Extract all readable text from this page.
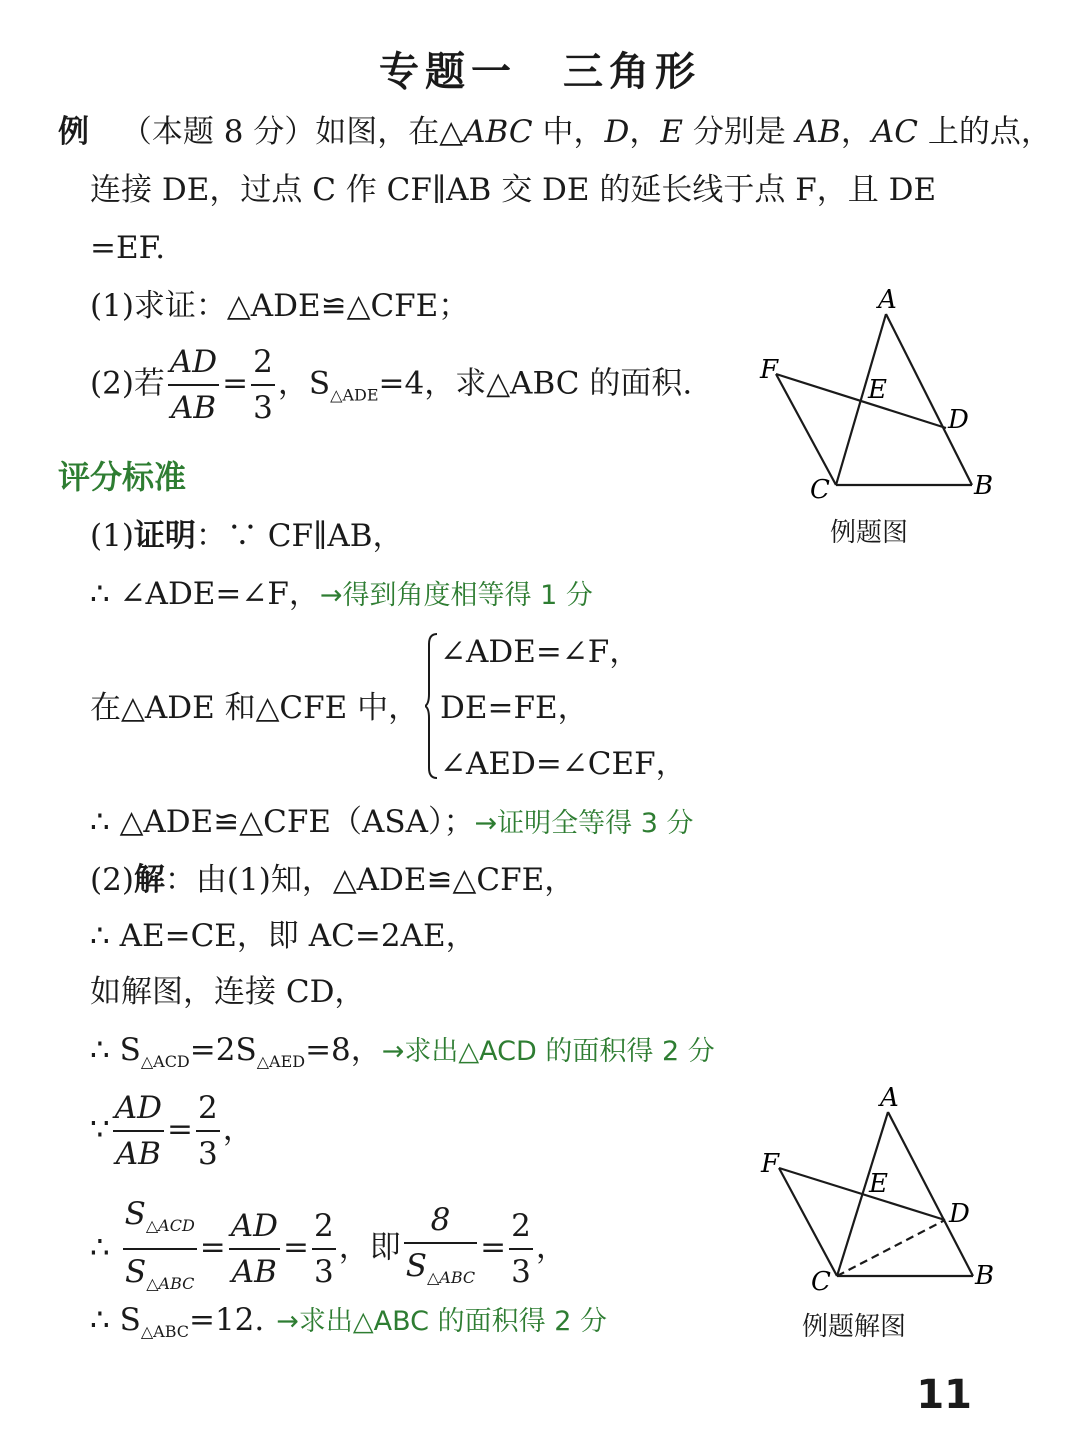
专题一　三角形
例 （本题 8 分）如图，在△ABC 中，D，E 分别是 AB，AC 上的点，
连接 DE，过点 C 作 CF∥AB 交 DE 的延长线于点 F，且 DE
=EF.
(1)求证：△ADE≌△CFE；
(2)若 $\frac{AD}{AB} = \frac{2}{3}$ ，$S_{\triangle ADE}=4$，求△ABC 的面积.
A
E
D
F
C	B
例题图
评分标准
(1)证明：∵ CF∥AB，
∴ ∠ADE=∠F，→得到角度相等得 1 分
在△ADE 和△CFE 中，
∠ADE=∠F，
DE=FE，
∠AED=∠CEF，
∴ △ADE≌△CFE（ASA）；→证明全等得 3 分
(2)解：由(1)知，△ADE≌△CFE，
∴ AE=CE，即 AC=2AE，
如解图，连接 CD，
∴ $S_{\triangle ACD}=2S_{\triangle AED}=8$，→求出△ACD 的面积得 2 分
∵ $\frac{AD}{AB} = \frac{2}{3}$ ，
∴ $\frac{S_{\triangle ACD}}{S_{\triangle ABC}} = \frac{AD}{AB} = \frac{2}{3}$ ，即 $\frac{8}{S_{\triangle ABC}} = \frac{2}{3}$ ，
∴ $S_{\triangle ABC}=12$. →求出△ABC 的面积得 2 分
A
E
D
F
C	B
例题解图
11
